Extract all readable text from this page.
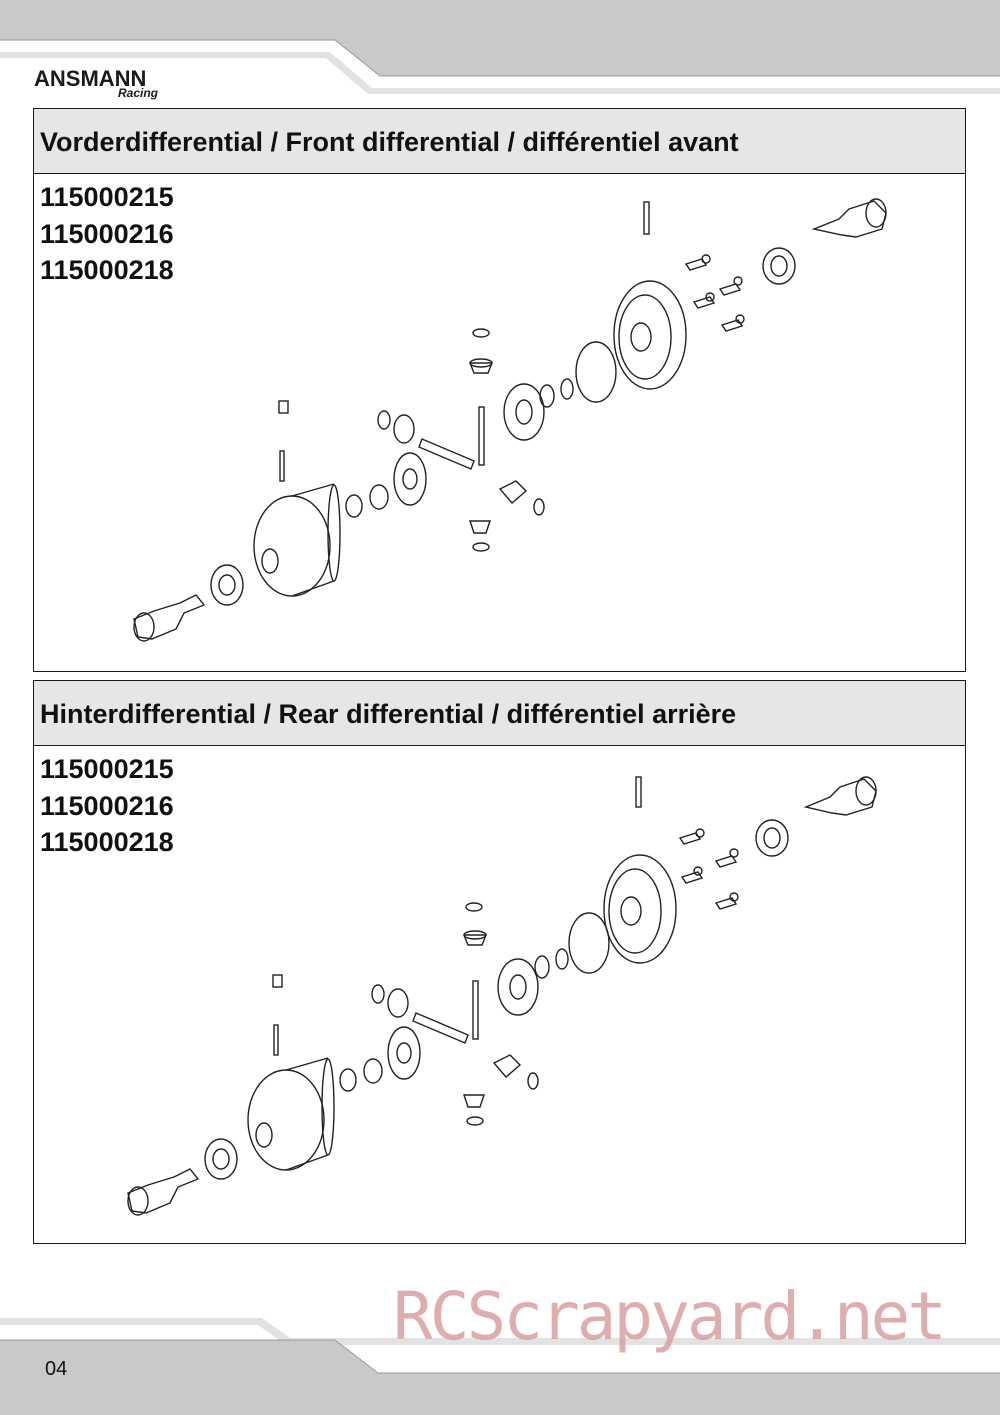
ANSMANN
Racing
Vorderdifferential / Front differential / différentiel avant
115000215
115000216
115000218
Hinterdifferential / Rear differential / différentiel arrière
115000215
115000216
115000218
RCScrapyard.net
04
